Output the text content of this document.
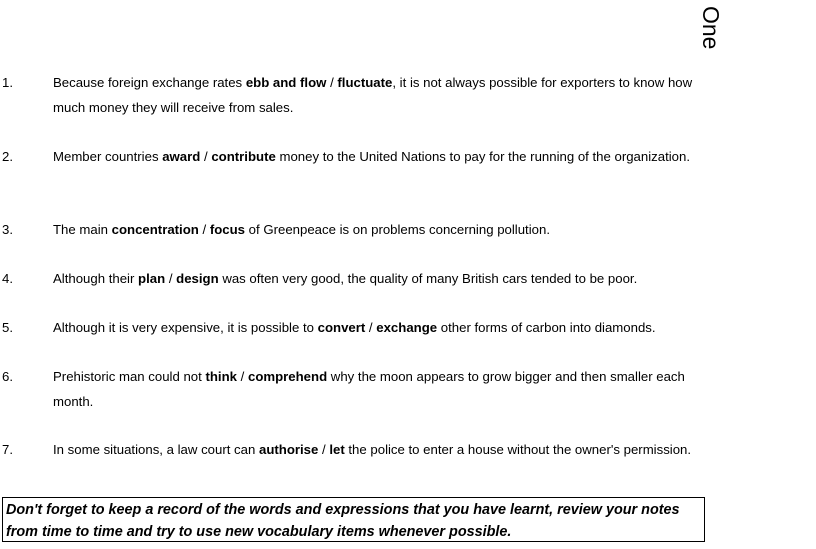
One
1.	Because foreign exchange rates ebb and flow / fluctuate, it is not always possible for exporters to know how much money they will receive from sales.
2.	Member countries award / contribute money to the United Nations to pay for the running of the organization.
3.	The main concentration / focus of Greenpeace is on problems concerning pollution.
4.	Although their plan / design was often very good, the quality of many British cars tended to be poor.
5.	Although it is very expensive, it is possible to convert / exchange other forms of carbon into diamonds.
6.	Prehistoric man could not think / comprehend why the moon appears to grow bigger and then smaller each month.
7.	In some situations, a law court can authorise / let the police to enter a house without the owner's permission.
Don't forget to keep a record of the words and expressions that you have learnt, review your notes from time to time and try to use new vocabulary items whenever possible.
